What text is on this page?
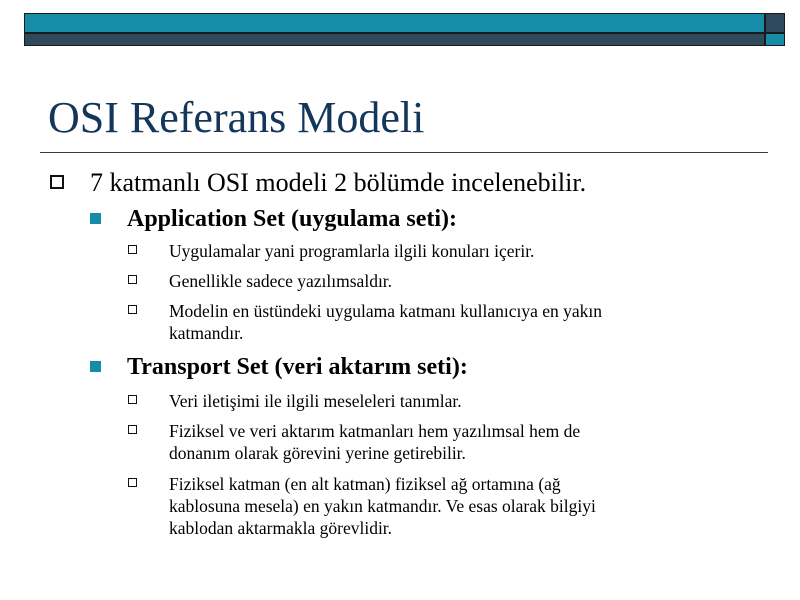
OSI Referans Modeli
7 katmanlı OSI modeli 2 bölümde incelenebilir.
Application Set (uygulama seti):
Uygulamalar yani programlarla ilgili konuları içerir.
Genellikle sadece yazılımsaldır.
Modelin en üstündeki uygulama katmanı kullanıcıya en yakın
katmandır.
Transport Set (veri aktarım seti):
Veri iletişimi ile ilgili meseleleri tanımlar.
Fiziksel ve veri aktarım katmanları hem yazılımsal hem de
donanım olarak görevini yerine getirebilir.
Fiziksel katman (en alt katman) fiziksel ağ ortamına (ağ
kablosuna mesela) en yakın katmandır. Ve esas olarak bilgiyi
kablodan aktarmakla görevlidir.
